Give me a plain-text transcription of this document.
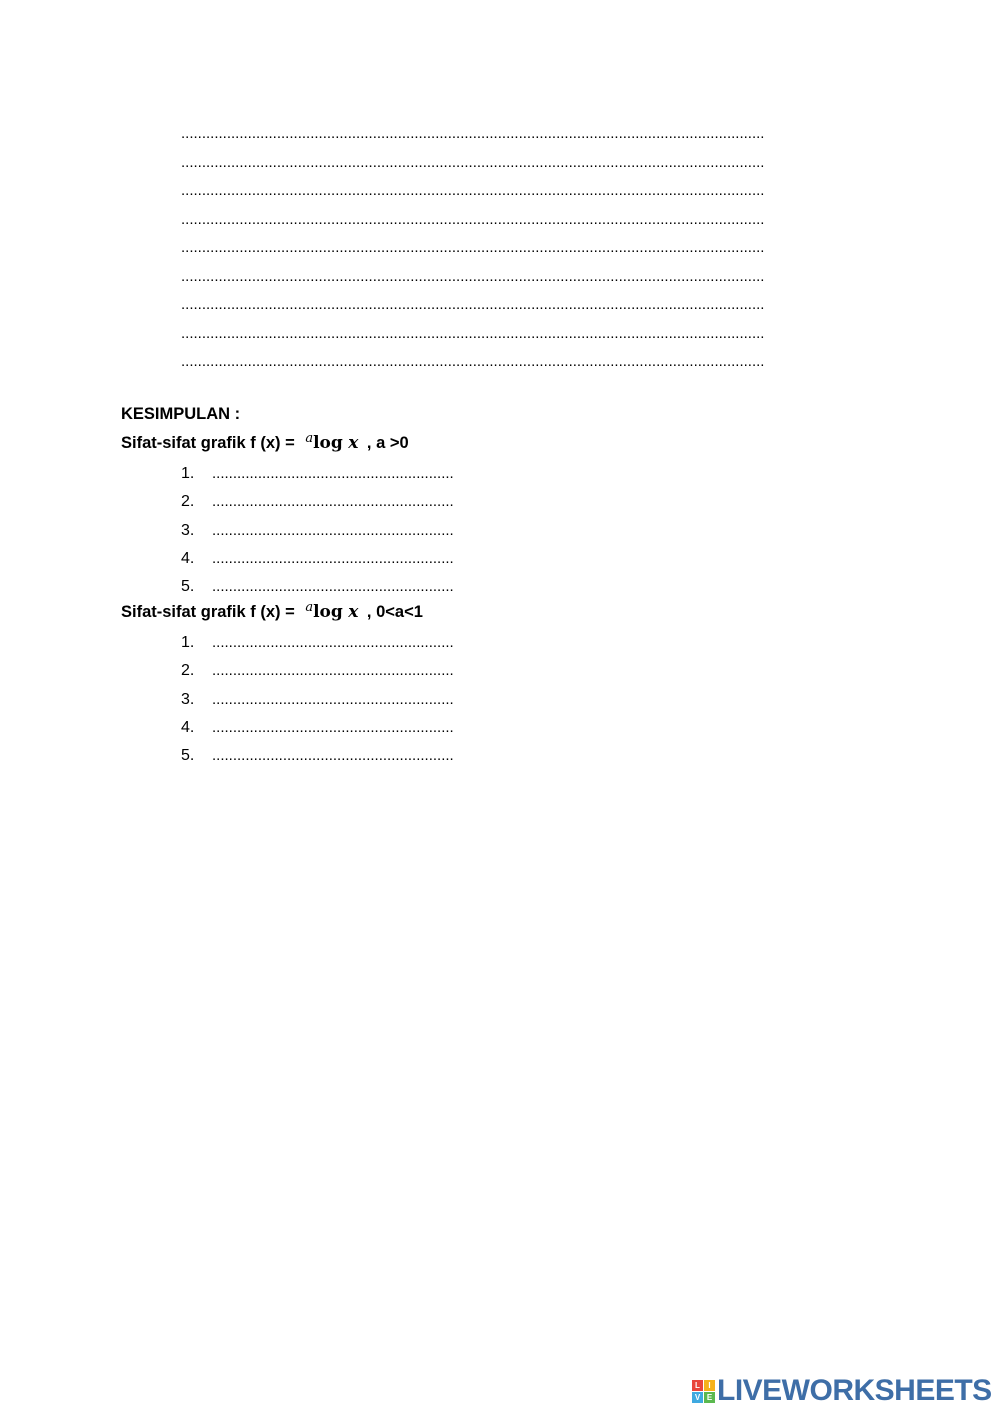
............................................................................................................................................
............................................................................................................................................
............................................................................................................................................
............................................................................................................................................
............................................................................................................................................
............................................................................................................................................
............................................................................................................................................
............................................................................................................................................
............................................................................................................................................
KESIMPULAN :
Sifat-sifat grafik f (x) = $^a$log x , a >0
1.	..........................................................
2.	..........................................................
3.	..........................................................
4.	..........................................................
5.	..........................................................
Sifat-sifat grafik f (x) = $^a$log x , 0<a<1
1.	..........................................................
2.	..........................................................
3.	..........................................................
4.	..........................................................
5.	..........................................................
L	I
V E LIVEWORKSHEETS
